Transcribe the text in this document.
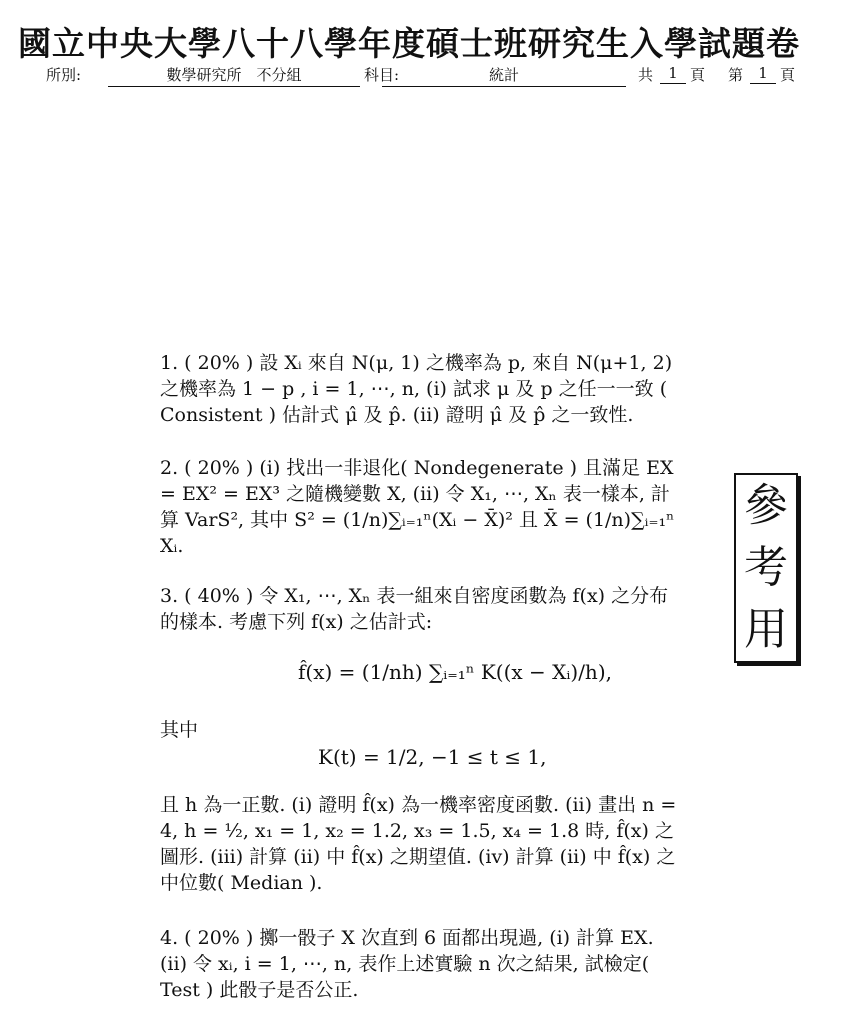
國立中央大學八十八學年度碩士班研究生入學試題卷
所別:	數學研究所　不分組	科目:	統計	共	1 頁 第	1 頁
參
考
用
1. ( 20% ) 設 Xᵢ 來自 N(μ, 1) 之機率為 p, 來自 N(μ+1, 2) 之機率為 1 − p , i = 1, ⋯, n, (i) 試求 μ 及 p 之任一一致 ( Consistent ) 估計式 μ̂ 及 p̂. (ii) 證明 μ̂ 及 p̂ 之一致性.
2. ( 20% ) (i) 找出一非退化( Nondegenerate ) 且滿足 EX = EX² = EX³ 之隨機變數 X, (ii) 令 X₁, ⋯, Xₙ 表一樣本, 計算 VarS², 其中 S² = (1/n)∑ᵢ₌₁ⁿ(Xᵢ − X̄)² 且 X̄ = (1/n)∑ᵢ₌₁ⁿ Xᵢ.
3. ( 40% ) 令 X₁, ⋯, Xₙ 表一組來自密度函數為 f(x) 之分布的樣本. 考慮下列 f(x) 之估計式:
f̂(x) = (1/nh) ∑ᵢ₌₁ⁿ K((x − Xᵢ)/h),
其中
K(t) = 1/2, −1 ≤ t ≤ 1,
且 h 為一正數. (i) 證明 f̂(x) 為一機率密度函數. (ii) 畫出 n = 4, h = ½, x₁ = 1, x₂ = 1.2, x₃ = 1.5, x₄ = 1.8 時, f̂(x) 之圖形. (iii) 計算 (ii) 中 f̂(x) 之期望值. (iv) 計算 (ii) 中 f̂(x) 之中位數( Median ).
4. ( 20% ) 擲一骰子 X 次直到 6 面都出現過, (i) 計算 EX. (ii) 令 xᵢ, i = 1, ⋯, n, 表作上述實驗 n 次之結果, 試檢定( Test ) 此骰子是否公正.
